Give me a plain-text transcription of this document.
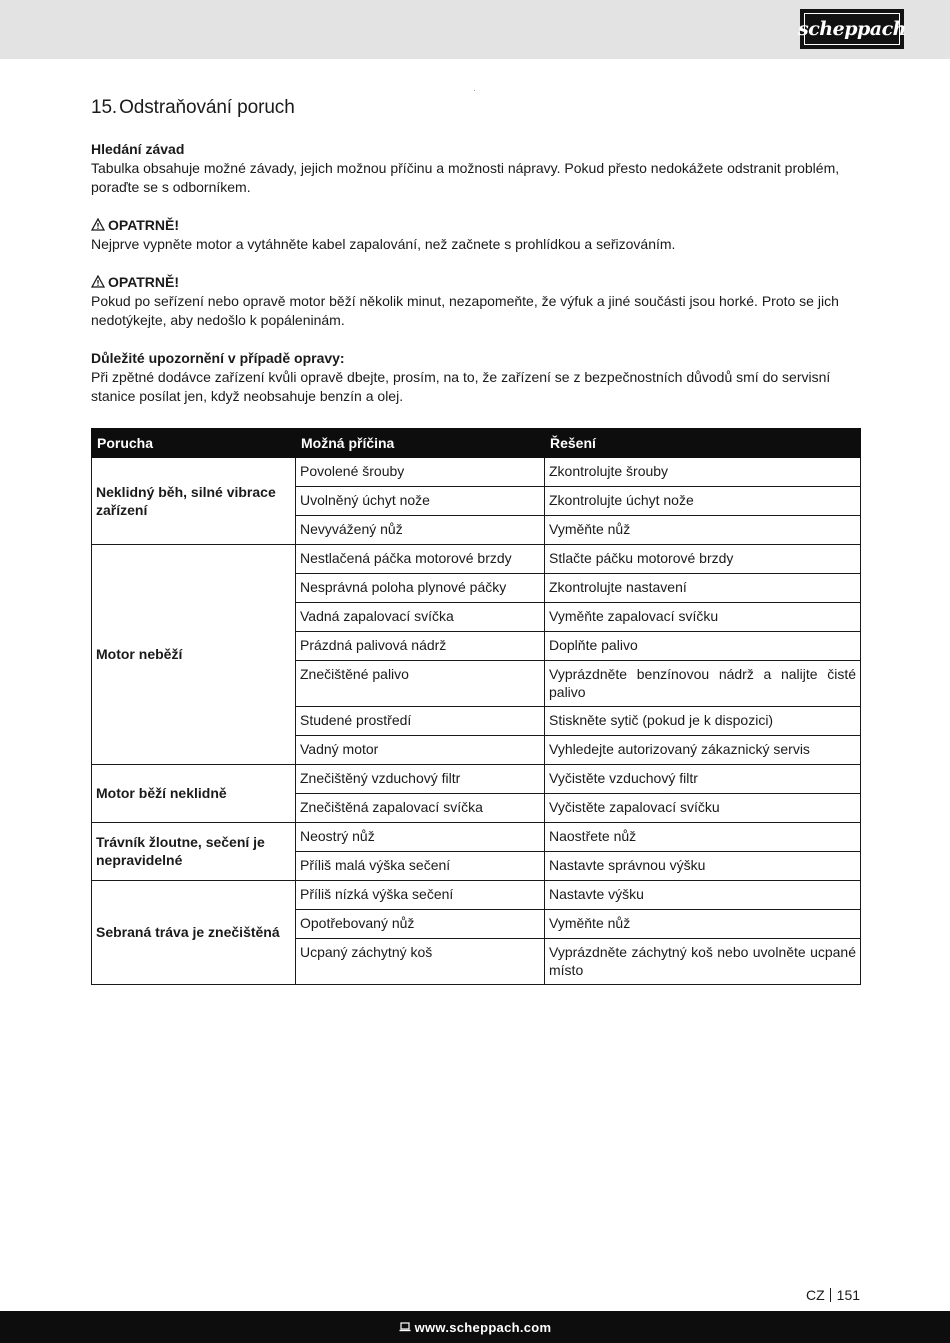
scheppach
15. Odstraňování poruch

Hledání závad

Tabulka obsahuje možné závady, jejich možnou příčinu a možnosti nápravy. Pokud přesto nedokážete odstranit problém, poraďte se s odborníkem.

OPATRNĚ!

Nejprve vypněte motor a vytáhněte kabel zapalování, než začnete s prohlídkou a seřizováním.

OPATRNĚ!

Pokud po seřízení nebo opravě motor běží několik minut, nezapomeňte, že výfuk a jiné součásti jsou horké. Proto se jich nedotýkejte, aby nedošlo k popáleninám.

Důležité upozornění v případě opravy:

Při zpětné dodávce zařízení kvůli opravě dbejte, prosím, na to, že zařízení se z bezpečnostních důvodů smí do servisní stanice posílat jen, když neobsahuje benzín a olej.

Porucha	Možná příčina	Řešení
Neklidný běh, silné vibrace zařízení	Povolené šrouby	Zkontrolujte šrouby
	Uvolněný úchyt nože	Zkontrolujte úchyt nože
	Nevyvážený nůž	Vyměňte nůž
Motor neběží	Nestlačená páčka motorové brzdy	Stlačte páčku motorové brzdy
	Nesprávná poloha plynové páčky	Zkontrolujte nastavení
	Vadná zapalovací svíčka	Vyměňte zapalovací svíčku
	Prázdná palivová nádrž	Doplňte palivo
	Znečištěné palivo	Vyprázdněte benzínovou nádrž a nalijte čisté palivo
	Studené prostředí	Stiskněte sytič (pokud je k dispozici)
	Vadný motor	Vyhledejte autorizovaný zákaznický servis
Motor běží neklidně	Znečištěný vzduchový filtr	Vyčistěte vzduchový filtr
	Znečištěná zapalovací svíčka	Vyčistěte zapalovací svíčku
Trávník žloutne, sečení je nepravidelné	Neostrý nůž	Naostřete nůž
	Příliš malá výška sečení	Nastavte správnou výšku
Sebraná tráva je znečištěná	Příliš nízká výška sečení	Nastavte výšku
	Opotřebovaný nůž	Vyměňte nůž
	Ucpaný záchytný koš	Vyprázdněte záchytný koš nebo uvolněte ucpané místo
CZ 151
www.scheppach.com
